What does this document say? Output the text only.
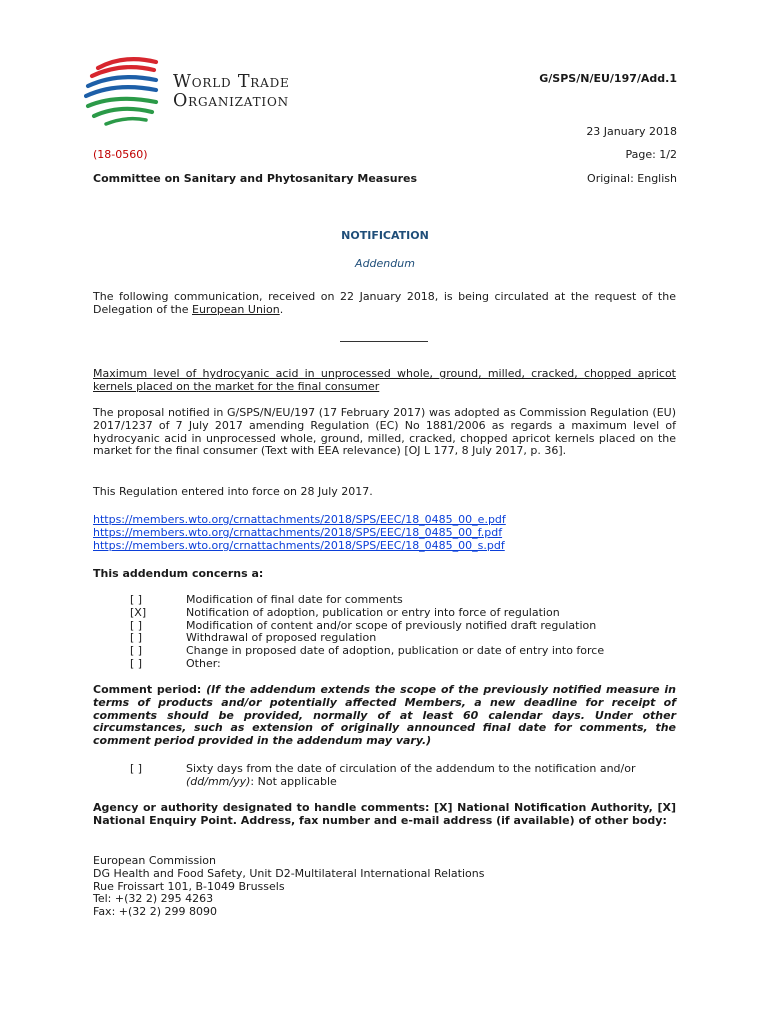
World Trade
Organization
G/SPS/N/EU/197/Add.1
23 January 2018
(18-0560)	Page: 1/2
Committee on Sanitary and Phytosanitary Measures	Original: English
NOTIFICATION
Addendum
The following communication, received on 22 January 2018, is being circulated at the request of the Delegation of the European Union.
Maximum level of hydrocyanic acid in unprocessed whole, ground, milled, cracked, chopped apricot kernels placed on the market for the final consumer
The proposal notified in G/SPS/N/EU/197 (17 February 2017) was adopted as Commission Regulation (EU) 2017/1237 of 7 July 2017 amending Regulation (EC) No 1881/2006 as regards a maximum level of hydrocyanic acid in unprocessed whole, ground, milled, cracked, chopped apricot kernels placed on the market for the final consumer (Text with EEA relevance) [OJ L 177, 8 July 2017, p. 36].
This Regulation entered into force on 28 July 2017.
https://members.wto.org/crnattachments/2018/SPS/EEC/18_0485_00_e.pdf
https://members.wto.org/crnattachments/2018/SPS/EEC/18_0485_00_f.pdf
https://members.wto.org/crnattachments/2018/SPS/EEC/18_0485_00_s.pdf
This addendum concerns a:
[ ]	Modification of final date for comments
[X]	Notification of adoption, publication or entry into force of regulation
[ ]	Modification of content and/or scope of previously notified draft regulation
[ ]	Withdrawal of proposed regulation
[ ]	Change in proposed date of adoption, publication or date of entry into force
[ ]	Other:
Comment period: (If the addendum extends the scope of the previously notified measure in terms of products and/or potentially affected Members, a new deadline for receipt of comments should be provided, normally of at least 60 calendar days. Under other circumstances, such as extension of originally announced final date for comments, the comment period provided in the addendum may vary.)
[ ]	Sixty days from the date of circulation of the addendum to the notification and/or
(dd/mm/yy): Not applicable
Agency or authority designated to handle comments: [X] National Notification Authority, [X] National Enquiry Point. Address, fax number and e-mail address (if available) of other body:
European Commission
DG Health and Food Safety, Unit D2-Multilateral International Relations
Rue Froissart 101, B-1049 Brussels
Tel: +(32 2) 295 4263
Fax: +(32 2) 299 8090
